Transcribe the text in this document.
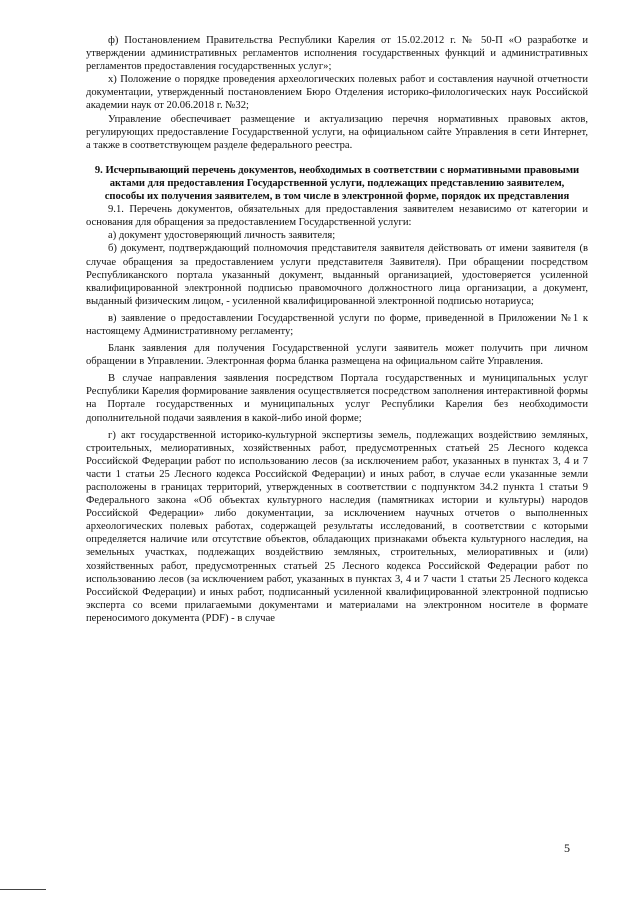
ф) Постановлением Правительства Республики Карелия от 15.02.2012 г. № 50-П «О разработке и утверждении административных регламентов исполнения государственных функций и административных регламентов предоставления государственных услуг»;

х) Положение о порядке проведения археологических полевых работ и составления научной отчетности документации, утвержденный постановлением Бюро Отделения историко-филологических наук Российской академии наук от 20.06.2018 г. №32;

Управление обеспечивает размещение и актуализацию перечня нормативных правовых актов, регулирующих предоставление Государственной услуги, на официальном сайте Управления в сети Интернет, а также в соответствующем разделе федерального реестра.

9. Исчерпывающий перечень документов, необходимых в соответствии с нормативными правовыми актами для предоставления Государственной услуги, подлежащих представлению заявителем, способы их получения заявителем, в том числе в электронной форме, порядок их представления

9.1. Перечень документов, обязательных для предоставления заявителем независимо от категории и основания для обращения за предоставлением Государственной услуги:

а) документ удостоверяющий личность заявителя;

б) документ, подтверждающий полномочия представителя заявителя действовать от имени заявителя (в случае обращения за предоставлением услуги представителя Заявителя). При обращении посредством Республиканского портала указанный документ, выданный организацией, удостоверяется усиленной квалифицированной электронной подписью правомочного должностного лица организации, а документ, выданный физическим лицом, - усиленной квалифицированной электронной подписью нотариуса;

в) заявление о предоставлении Государственной услуги по форме, приведенной в Приложении №1 к настоящему Административному регламенту;

Бланк заявления для получения Государственной услуги заявитель может получить при личном обращении в Управлении. Электронная форма бланка размещена на официальном сайте Управления.

В случае направления заявления посредством Портала государственных и муниципальных услуг Республики Карелия формирование заявления осуществляется посредством заполнения интерактивной формы на Портале государственных и муниципальных услуг Республики Карелия без необходимости дополнительной подачи заявления в какой-либо иной форме;

г) акт государственной историко-культурной экспертизы земель, подлежащих воздействию земляных, строительных, мелиоративных, хозяйственных работ, предусмотренных статьей 25 Лесного кодекса Российской Федерации работ по использованию лесов (за исключением работ, указанных в пунктах 3, 4 и 7 части 1 статьи 25 Лесного кодекса Российской Федерации) и иных работ, в случае если указанные земли расположены в границах территорий, утвержденных в соответствии с подпунктом 34.2 пункта 1 статьи 9 Федерального закона «Об объектах культурного наследия (памятниках истории и культуры) народов Российской Федерации» либо документации, за исключением научных отчетов о выполненных археологических полевых работах, содержащей результаты исследований, в соответствии с которыми определяется наличие или отсутствие объектов, обладающих признаками объекта культурного наследия, на земельных участках, подлежащих воздействию земляных, строительных, мелиоративных и (или) хозяйственных работ, предусмотренных статьей 25 Лесного кодекса Российской Федерации работ по использованию лесов (за исключением работ, указанных в пунктах 3, 4 и 7 части 1 статьи 25 Лесного кодекса Российской Федерации) и иных работ, подписанный усиленной квалифицированной электронной подписью эксперта со всеми прилагаемыми документами и материалами на электронном носителе в формате переносимого документа (PDF) - в случае

5
